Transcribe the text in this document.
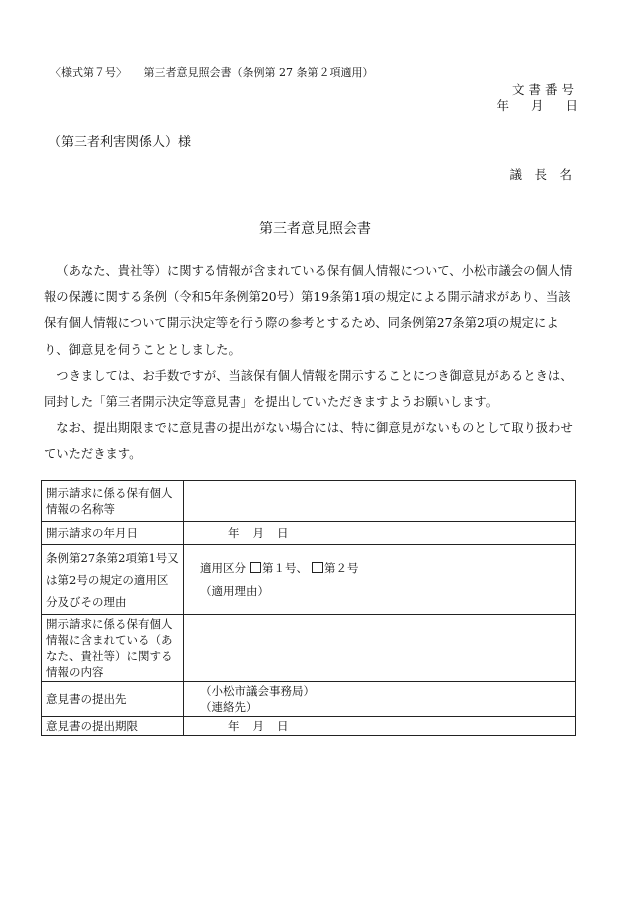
〈様式第７号〉　　第三者意見照会書（条例第 27 条第２項適用）
文書番号
年 月 日
（第三者利害関係人）様
議　長　名
第三者意見照会書

（あなた、貴社等）に関する情報が含まれている保有個人情報について、小松市議会の個人情報の保護に関する条例（令和5年条例第20号）第19条第1項の規定による開示請求があり、当該保有個人情報について開示決定等を行う際の参考とするため、同条例第27条第2項の規定により、御意見を伺うこととしました。

つきましては、お手数ですが、当該保有個人情報を開示することにつき御意見があるときは、同封した「第三者開示決定等意見書」を提出していただきますようお願いします。

なお、提出期限までに意見書の提出がない場合には、特に御意見がないものとして取り扱わせていただきます。

開示請求に係る保有個人情報の名称等	
開示請求の年月日	年 月 日
条例第27条第2項第1号又は第2号の規定の適用区分及びその理由	適用区分 第１号、 第２号
（適用理由）
開示請求に係る保有個人情報に含まれている（あなた、貴社等）に関する情報の内容	
意見書の提出先	（小松市議会事務局）
（連絡先）

意見書の提出期限	年 月 日
